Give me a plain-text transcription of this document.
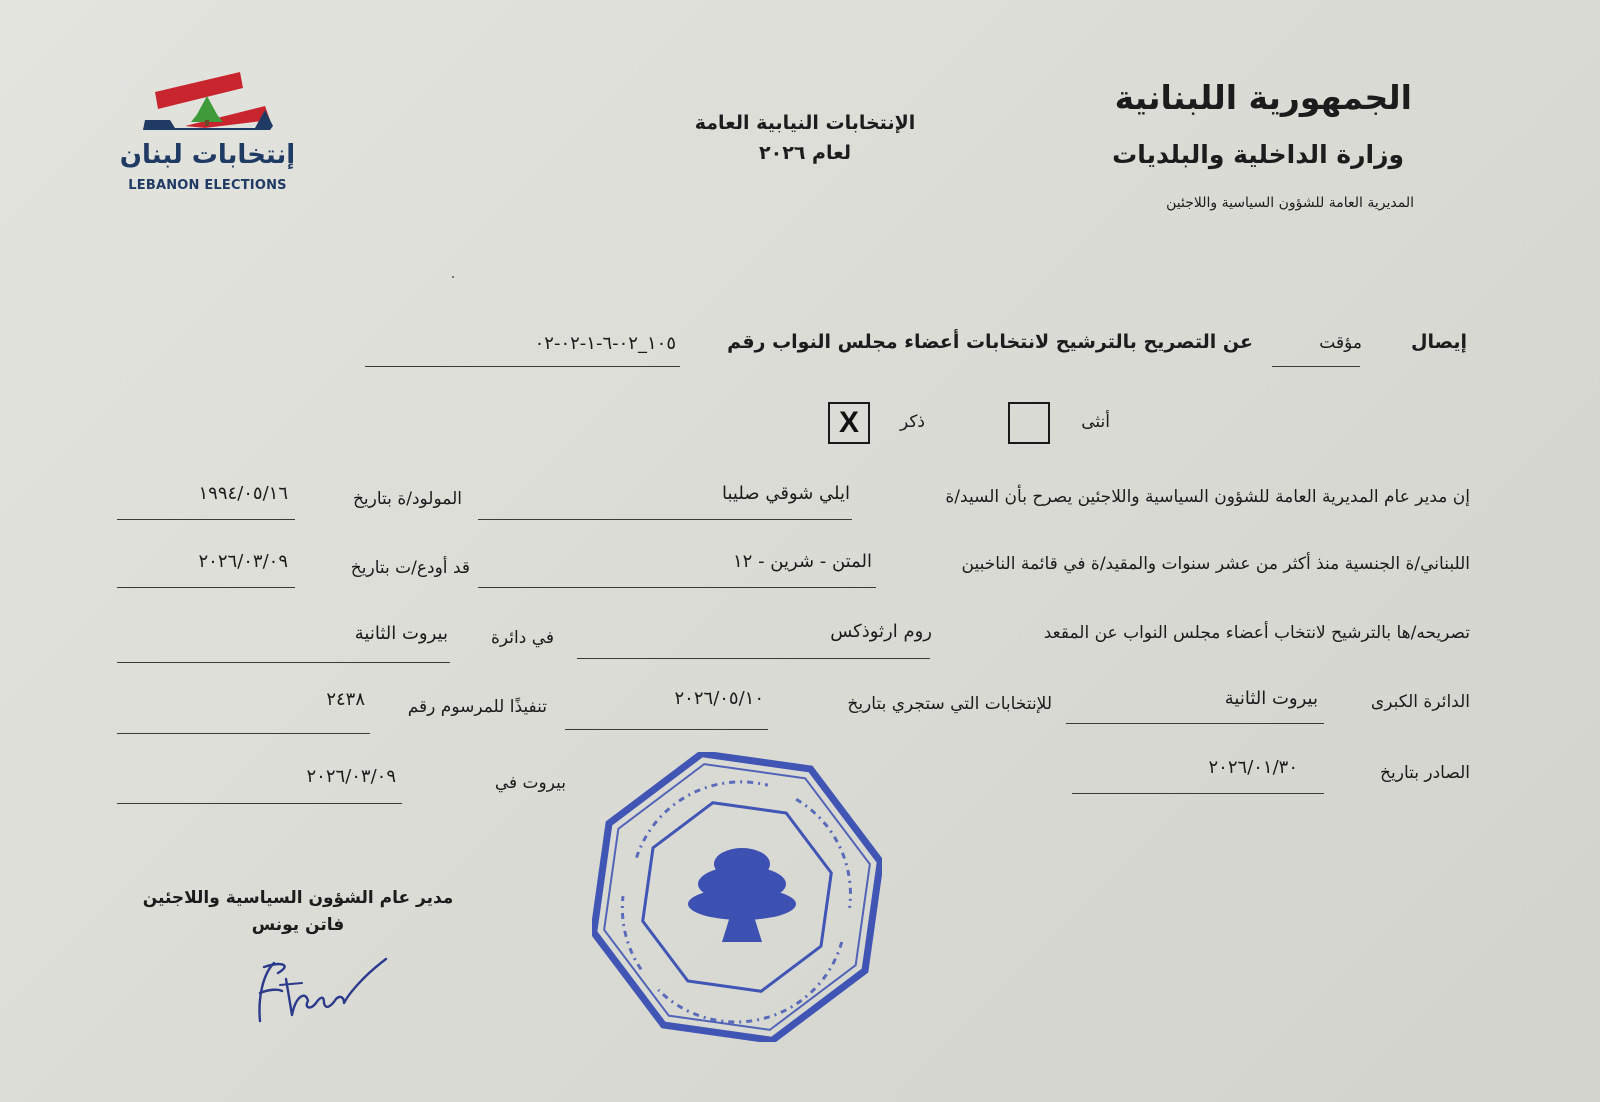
إنتخابات لبنان
LEBANON ELECTIONS
الجمهورية اللبنانية
وزارة الداخلية والبلديات
المديرية العامة للشؤون السياسية واللاجئين
الإنتخابات النيابية العامة
لعام ٢٠٢٦
إيصال
مؤقت
عن التصريح بالترشيح لانتخابات أعضاء مجلس النواب رقم
١٠٥_٠٢-٦-١-٠٢-٠٢
أنثى
ذكر
X
إن مدير عام المديرية العامة للشؤون السياسية واللاجئين يصرح بأن السيد/ة
ايلي شوقي صليبا
المولود/ة بتاريخ
١٩٩٤/٠٥/١٦
اللبناني/ة الجنسية منذ أكثر من عشر سنوات والمقيد/ة في قائمة الناخبين
المتن - شرين - ١٢
قد أودع/ت بتاريخ
٢٠٢٦/٠٣/٠٩
تصريحه/ها بالترشيح لانتخاب أعضاء مجلس النواب عن المقعد
روم ارثوذكس
في دائرة
بيروت الثانية
الدائرة الكبرى
بيروت الثانية
للإنتخابات التي ستجري بتاريخ
٢٠٢٦/٠٥/١٠
تنفيذًا للمرسوم رقم
٢٤٣٨
الصادر بتاريخ
٢٠٢٦/٠١/٣٠
بيروت في
٢٠٢٦/٠٣/٠٩
مدير عام الشؤون السياسية واللاجئين
فاتن يونس
